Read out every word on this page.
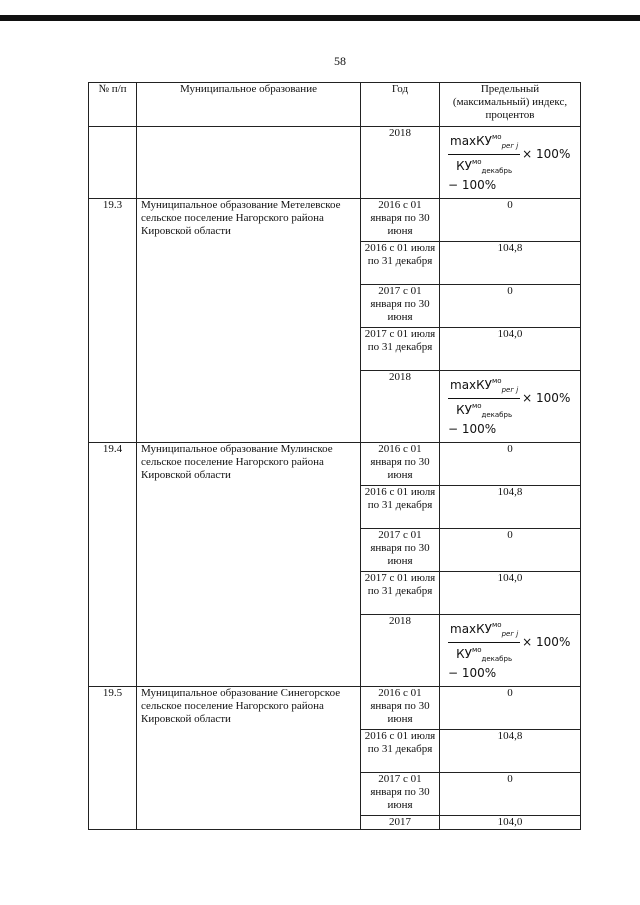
58
№ п/п	Муниципальное образование	Год	Предельный (максимальный) индекс, процентов
		2018	$\frac{\max КУ^{мо}_{рег j}}{КУ^{мо}_{декабрь}} \times 100\%$
− 100%

19.3	Муниципальное образование Метелевское сельское поселение Нагорского района Кировской области	2016 с 01 января по 30 июня	0
		2016 с 01 июля по 31 декабря	104,8
		2017 с 01 января по 30 июня	0
		2017 с 01 июля по 31 декабря	104,0
		2018	$\frac{\max КУ^{мо}_{рег j}}{КУ^{мо}_{декабрь}} \times 100\%$
− 100%

19.4	Муниципальное образование Мулинское сельское поселение Нагорского района Кировской области	2016 с 01 января по 30 июня	0
		2016 с 01 июля по 31 декабря	104,8
		2017 с 01 января по 30 июня	0
		2017 с 01 июля по 31 декабря	104,0
		2018	$\frac{\max КУ^{мо}_{рег j}}{КУ^{мо}_{декабрь}} \times 100\%$
− 100%

19.5	Муниципальное образование Синегорское сельское поселение Нагорского района Кировской области	2016 с 01 января по 30 июня	0
		2016 с 01 июля по 31 декабря	104,8
		2017 с 01 января по 30 июня	0
		2017	104,0
